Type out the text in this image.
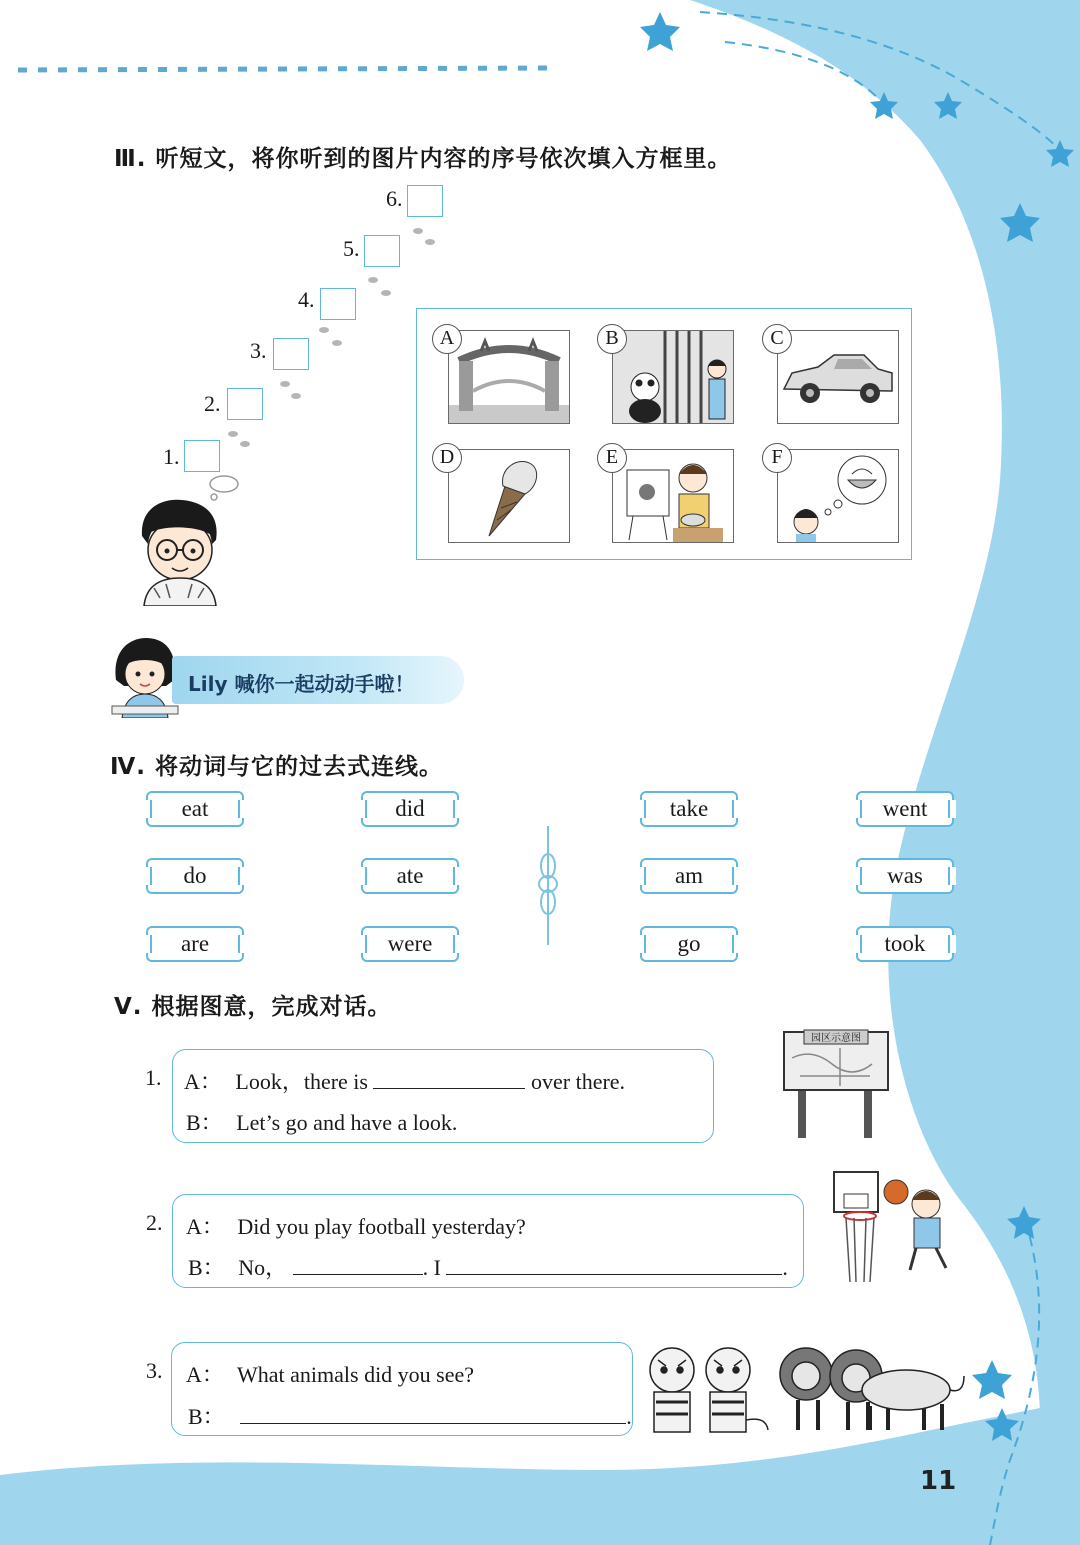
Ⅲ. 听短文，将你听到的图片内容的序号依次填入方框里。
1.
2.
3.
4.
5.
6.
A	B	C
D	E	F
Lily 喊你一起动动手啦！
Ⅳ. 将动词与它的过去式连线。
eat	did
do	ate
are	were
take	went
am	was
go	took
Ⅴ. 根据图意，完成对话。
1. A： Look，there is	over there.
B： Let’s go and have a look.
园区示意图
2. A： Did you play football yesterday?
B： No，	. I	.
3. A： What animals did you see?
B：	.
11
